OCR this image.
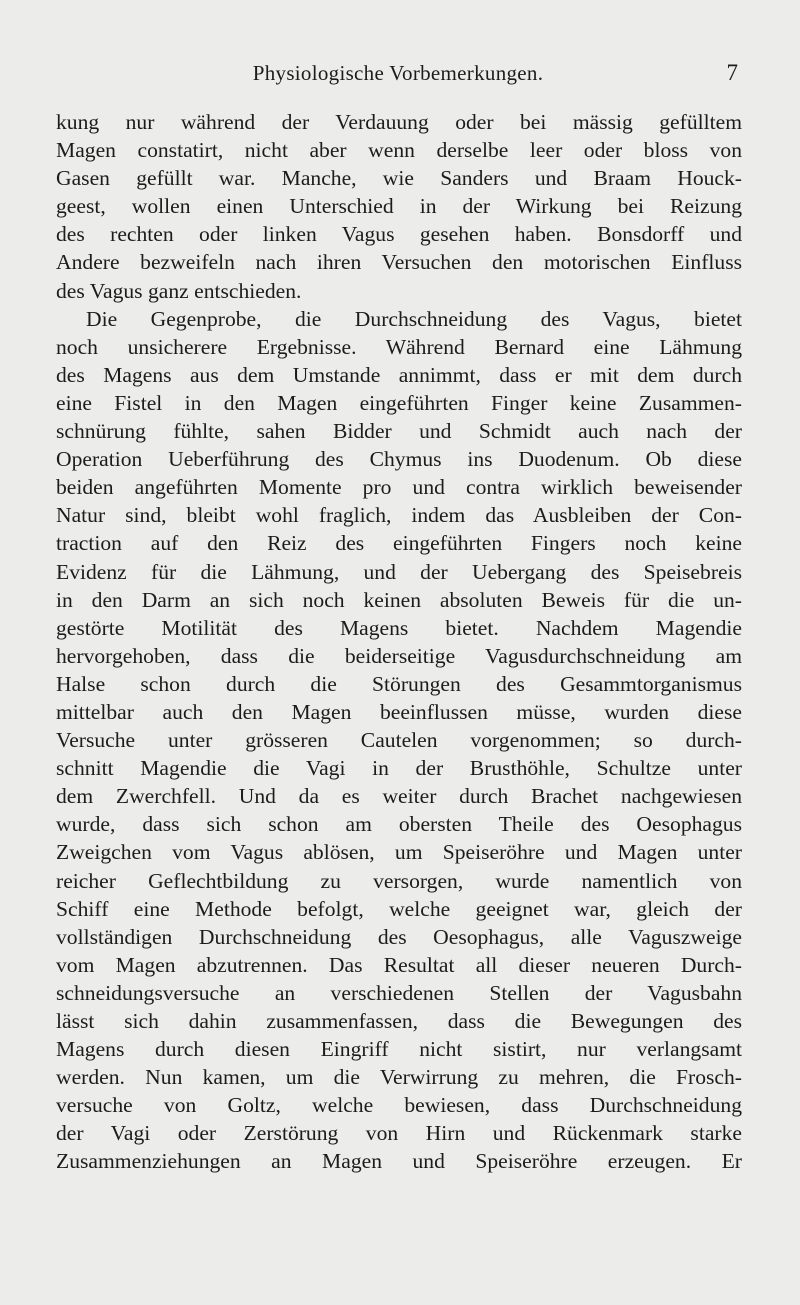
Physiologische Vorbemerkungen.	7
kung nur während der Verdauung oder bei mässig gefülltem
Magen constatirt, nicht aber wenn derselbe leer oder bloss von
Gasen gefüllt war. Manche, wie Sanders und Braam Houck-
geest, wollen einen Unterschied in der Wirkung bei Reizung
des rechten oder linken Vagus gesehen haben. Bonsdorff und
Andere bezweifeln nach ihren Versuchen den motorischen Einfluss
des Vagus ganz entschieden.
Die Gegenprobe, die Durchschneidung des Vagus, bietet
noch unsicherere Ergebnisse. Während Bernard eine Lähmung
des Magens aus dem Umstande annimmt, dass er mit dem durch
eine Fistel in den Magen eingeführten Finger keine Zusammen-
schnürung fühlte, sahen Bidder und Schmidt auch nach der
Operation Ueberführung des Chymus ins Duodenum. Ob diese
beiden angeführten Momente pro und contra wirklich beweisender
Natur sind, bleibt wohl fraglich, indem das Ausbleiben der Con-
traction auf den Reiz des eingeführten Fingers noch keine
Evidenz für die Lähmung, und der Uebergang des Speisebreis
in den Darm an sich noch keinen absoluten Beweis für die un-
gestörte Motilität des Magens bietet. Nachdem Magendie
hervorgehoben, dass die beiderseitige Vagusdurchschneidung am
Halse schon durch die Störungen des Gesammtorganismus
mittelbar auch den Magen beeinflussen müsse, wurden diese
Versuche unter grösseren Cautelen vorgenommen; so durch-
schnitt Magendie die Vagi in der Brusthöhle, Schultze unter
dem Zwerchfell. Und da es weiter durch Brachet nachgewiesen
wurde, dass sich schon am obersten Theile des Oesophagus
Zweigchen vom Vagus ablösen, um Speiseröhre und Magen unter
reicher Geflechtbildung zu versorgen, wurde namentlich von
Schiff eine Methode befolgt, welche geeignet war, gleich der
vollständigen Durchschneidung des Oesophagus, alle Vaguszweige
vom Magen abzutrennen. Das Resultat all dieser neueren Durch-
schneidungsversuche an verschiedenen Stellen der Vagusbahn
lässt sich dahin zusammenfassen, dass die Bewegungen des
Magens durch diesen Eingriff nicht sistirt, nur verlangsamt
werden. Nun kamen, um die Verwirrung zu mehren, die Frosch-
versuche von Goltz, welche bewiesen, dass Durchschneidung
der Vagi oder Zerstörung von Hirn und Rückenmark starke
Zusammenziehungen an Magen und Speiseröhre erzeugen. Er
